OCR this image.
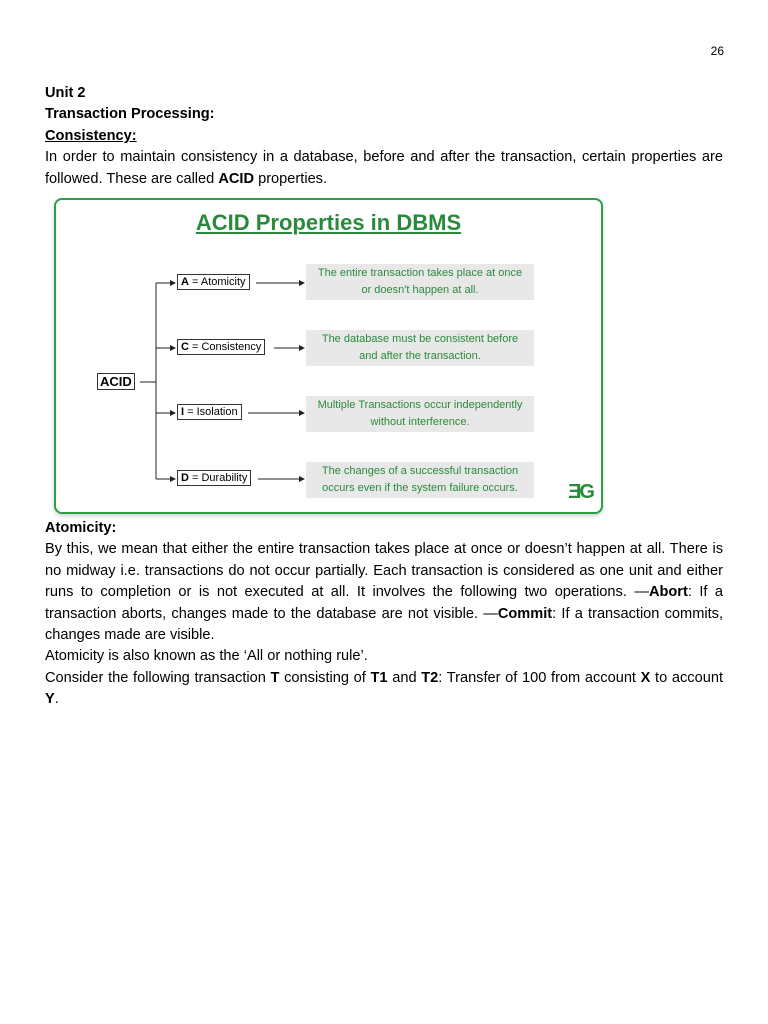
26
Unit 2
Transaction Processing:
Consistency:
In order to maintain consistency in a database, before and after the transaction, certain properties are followed. These are called ACID properties.
ACID Properties in DBMS
ACID
A = Atomicity
C = Consistency
I = Isolation
D = Durability
The entire transaction takes place at once
or doesn't happen at all.
The database must be consistent before
and after the transaction.
Multiple Transactions occur independently
without interference.
The changes of a successful transaction
occurs even if the system failure occurs.	ƎG
Atomicity:
By this, we mean that either the entire transaction takes place at once or doesn’t happen at all. There is no midway i.e. transactions do not occur partially. Each transaction is considered as one unit and either runs to completion or is not executed at all. It involves the following two operations. —Abort: If a transaction aborts, changes made to the database are not visible. —Commit: If a transaction commits, changes made are visible.
Atomicity is also known as the ‘All or nothing rule’.
Consider the following transaction T consisting of T1 and T2: Transfer of 100 from account X to account Y.
